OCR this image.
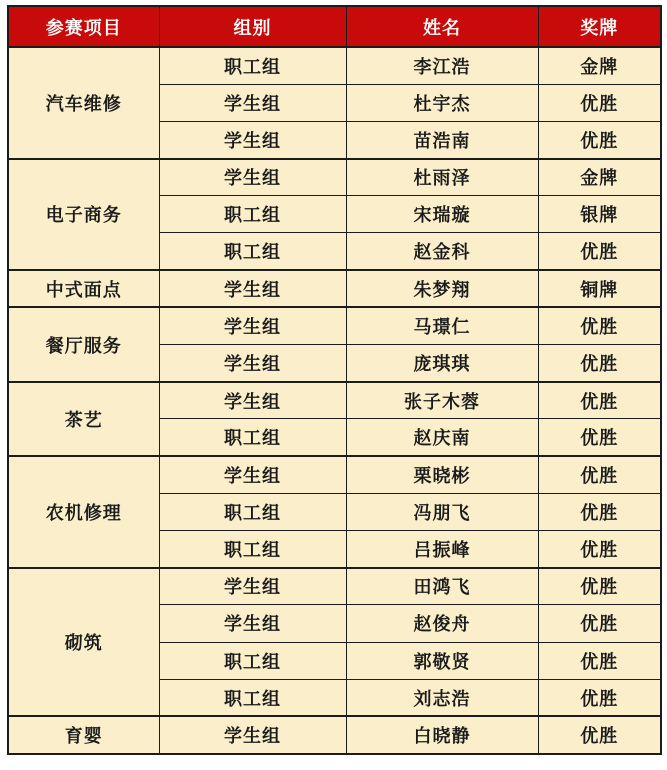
参赛项目	组别	姓名	奖牌
汽车维修	职工组	李江浩	金牌
	学生组	杜宇杰	优胜
	学生组	苗浩南	优胜
电子商务	学生组	杜雨泽	金牌
	职工组	宋瑞璇	银牌
	职工组	赵金科	优胜
中式面点	学生组	朱梦翔	铜牌
餐厅服务	学生组	马璟仁	优胜
	学生组	庞琪琪	优胜
茶艺	学生组	张子木蓉	优胜
	职工组	赵庆南	优胜
农机修理	学生组	栗晓彬	优胜
	职工组	冯朋飞	优胜
	职工组	吕振峰	优胜
砌筑	学生组	田鸿飞	优胜
	学生组	赵俊舟	优胜
	职工组	郭敬贤	优胜
	职工组	刘志浩	优胜
育婴	学生组	白晓静	优胜
